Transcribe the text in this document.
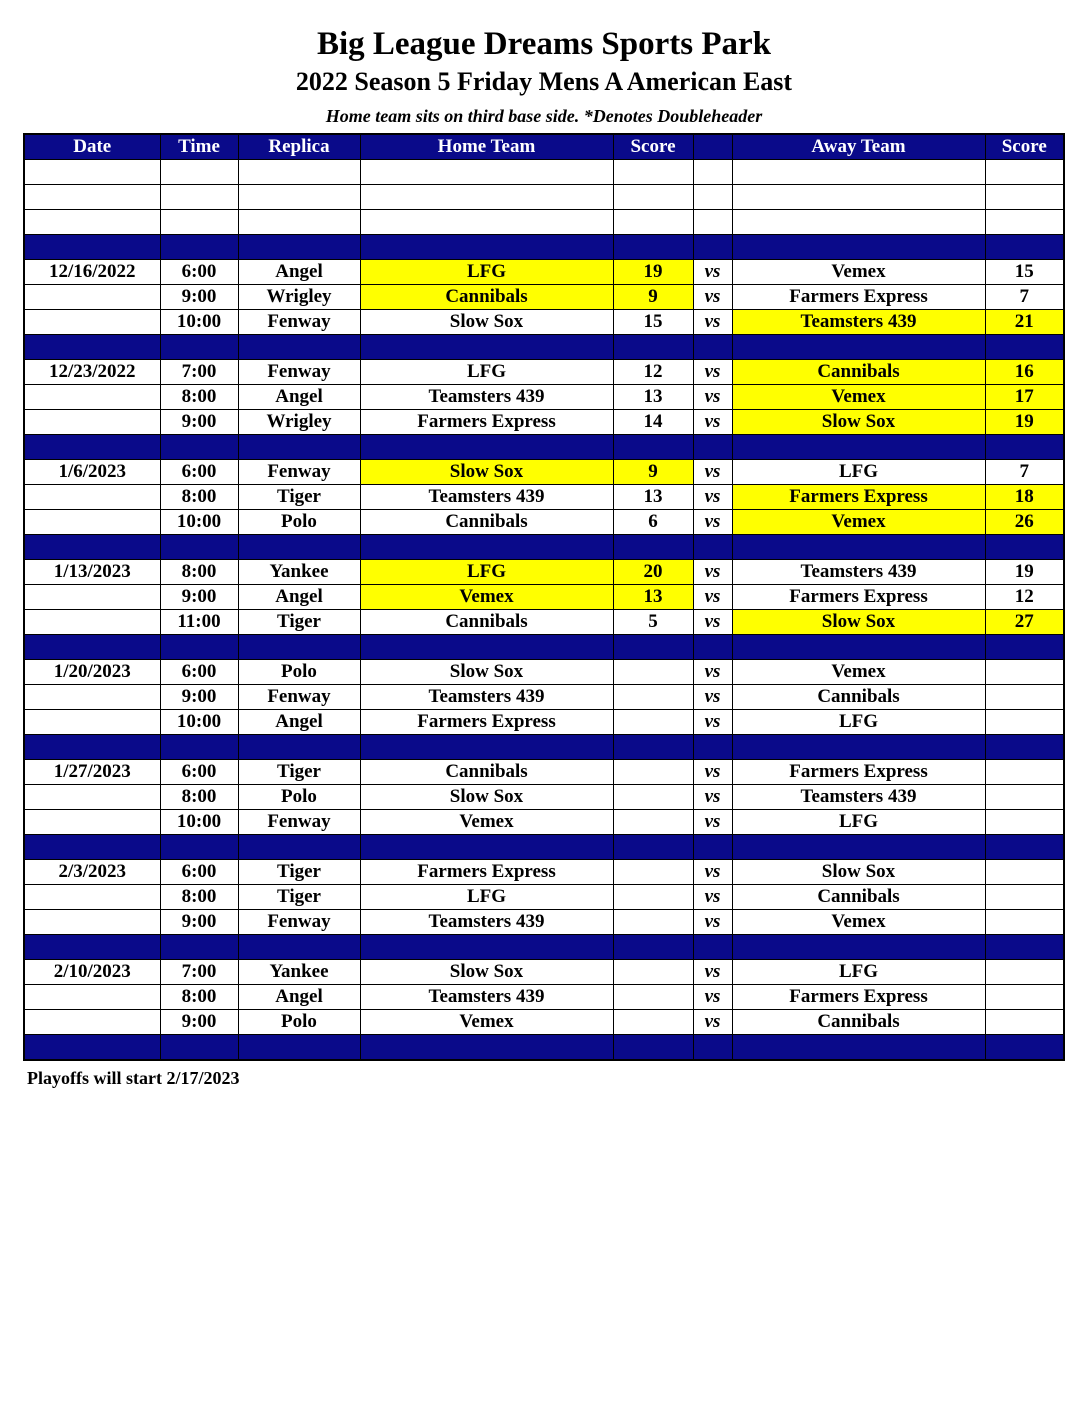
Big League Dreams Sports Park
2022 Season 5 Friday Mens A American East
Home team sits on third base side. *Denotes Doubleheader
Date	Time	Replica	Home Team	Score		Away Team	Score

12/16/2022	6:00	Angel	LFG	19	vs	Vemex	15
	9:00	Wrigley	Cannibals	9	vs	Farmers Express	7
	10:00	Fenway	Slow Sox	15	vs	Teamsters 439	21

12/23/2022	7:00	Fenway	LFG	12	vs	Cannibals	16
	8:00	Angel	Teamsters 439	13	vs	Vemex	17
	9:00	Wrigley	Farmers Express	14	vs	Slow Sox	19

1/6/2023	6:00	Fenway	Slow Sox	9	vs	LFG	7
	8:00	Tiger	Teamsters 439	13	vs	Farmers Express	18
	10:00	Polo	Cannibals	6	vs	Vemex	26

1/13/2023	8:00	Yankee	LFG	20	vs	Teamsters 439	19
	9:00	Angel	Vemex	13	vs	Farmers Express	12
	11:00	Tiger	Cannibals	5	vs	Slow Sox	27

1/20/2023	6:00	Polo	Slow Sox		vs	Vemex	
	9:00	Fenway	Teamsters 439		vs	Cannibals	
	10:00	Angel	Farmers Express		vs	LFG	

1/27/2023	6:00	Tiger	Cannibals		vs	Farmers Express	
	8:00	Polo	Slow Sox		vs	Teamsters 439	
	10:00	Fenway	Vemex		vs	LFG	

2/3/2023	6:00	Tiger	Farmers Express		vs	Slow Sox	
	8:00	Tiger	LFG		vs	Cannibals	
	9:00	Fenway	Teamsters 439		vs	Vemex	

2/10/2023	7:00	Yankee	Slow Sox		vs	LFG	
	8:00	Angel	Teamsters 439		vs	Farmers Express	
	9:00	Polo	Vemex		vs	Cannibals	

Playoffs will start 2/17/2023
